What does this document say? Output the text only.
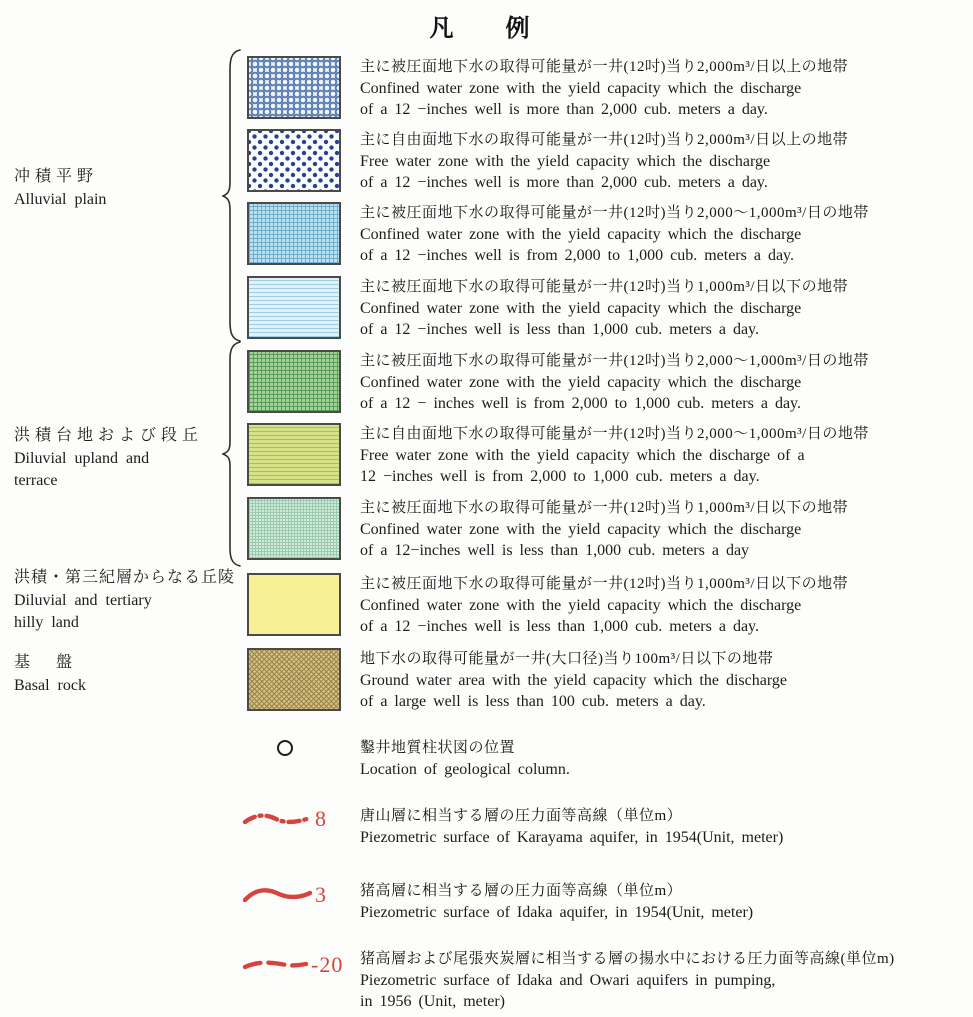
凡　例
冲積平野
Alluvial plain
洪積台地および段丘
Diluvial upland and
terrace
洪積・第三紀層からなる丘陵
Diluvial and tertiary
hilly land
基　盤
Basal rock
主に被圧面地下水の取得可能量が一井(12吋)当り2,000m³/日以上の地帯
Confined water zone with the yield capacity which the discharge
of a 12 −inches well is more than 2,000 cub. meters a day.
主に自由面地下水の取得可能量が一井(12吋)当り2,000m³/日以上の地帯
Free water zone with the yield capacity which the discharge
of a 12 −inches well is more than 2,000 cub. meters a day.
主に被圧面地下水の取得可能量が一井(12吋)当り2,000～1,000m³/日の地帯
Confined water zone with the yield capacity which the discharge
of a 12 −inches well is from 2,000 to 1,000 cub. meters a day.
主に被圧面地下水の取得可能量が一井(12吋)当り1,000m³/日以下の地帯
Confined water zone with the yield capacity which the discharge
of a 12 −inches well is less than 1,000 cub. meters a day.
主に被圧面地下水の取得可能量が一井(12吋)当り2,000～1,000m³/日の地帯
Confined water zone with the yield capacity which the discharge
of a 12 − inches well is from 2,000 to 1,000 cub. meters a day.
主に自由面地下水の取得可能量が一井(12吋)当り2,000～1,000m³/日の地帯
Free water zone with the yield capacity which the discharge of a
12 −inches well is from 2,000 to 1,000 cub. meters a day.
主に被圧面地下水の取得可能量が一井(12吋)当り1,000m³/日以下の地帯
Confined water zone with the yield capacity which the discharge
of a 12−inches well is less than 1,000 cub. meters a day
主に被圧面地下水の取得可能量が一井(12吋)当り1,000m³/日以下の地帯
Confined water zone with the yield capacity which the discharge
of a 12 −inches well is less than 1,000 cub. meters a day.
地下水の取得可能量が一井(大口径)当り100m³/日以下の地帯
Ground water area with the yield capacity which the discharge
of a large well is less than 100 cub. meters a day.
鑿井地質柱状図の位置
Location of geological column.
8 唐山層に相当する層の圧力面等高線（単位m）
Piezometric surface of Karayama aquifer, in 1954(Unit, meter)
3 猪高層に相当する層の圧力面等高線（単位m）
Piezometric surface of Idaka aquifer, in 1954(Unit, meter)
-20 猪高層および尾張夾炭層に相当する層の揚水中における圧力面等高線(単位m)
Piezometric surface of Idaka and Owari aquifers in pumping,
in 1956 (Unit, meter)
